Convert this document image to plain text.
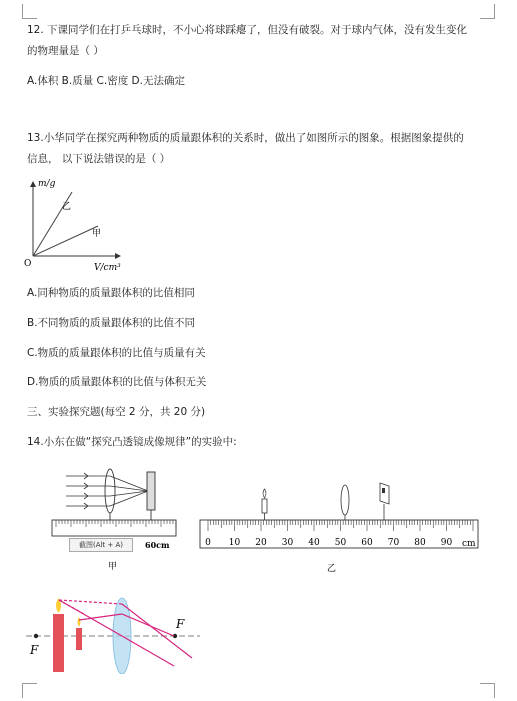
12. 下课同学们在打乒乓球时，不小心将球踩瘪了，但没有破裂。对于球内气体，没有发生变化
的物理量是（ ）
A.体积 B.质量 C.密度 D.无法确定
13.小华同学在探究两种物质的质量跟体积的关系时，做出了如图所示的图象。根据图象提供的
信息， 以下说法错误的是（ ）
m/g
乙
甲
O	V/cm³
A.同种物质的质量跟体积的比值相同
B.不同物质的质量跟体积的比值不同
C.物质的质量跟体积的比值与质量有关
D.物质的质量跟体积的比值与体积无关
三、实验探究题(每空 2 分，共 20 分)
14.小东在做“探究凸透镜成像规律”的实验中:
60cm
甲
截图(Alt + A)	0 10 20 30 40 50 60 70 80 90 cm
乙
F
F
